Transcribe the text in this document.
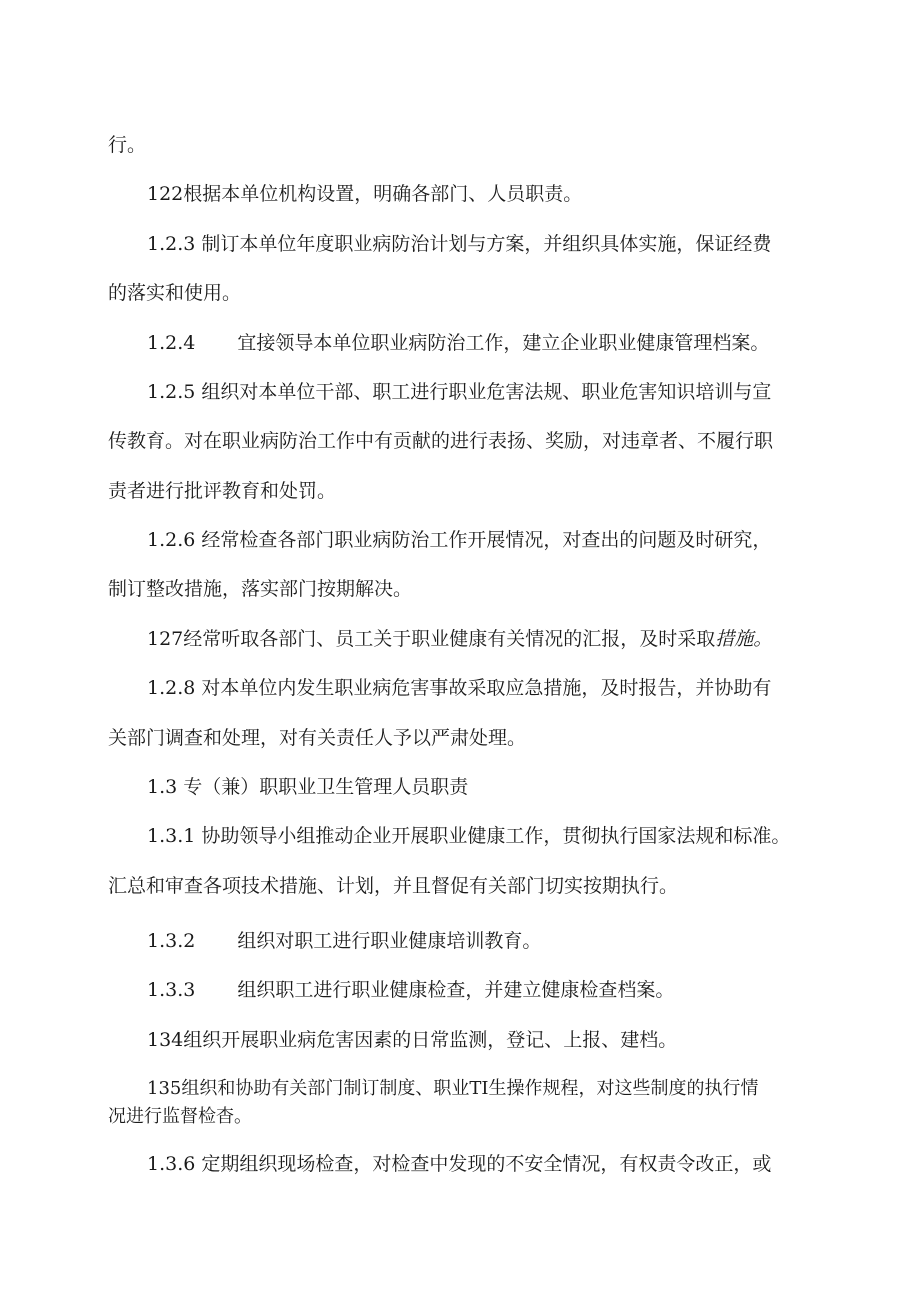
行。
122根据本单位机构设置，明确各部门、人员职责。
1.2.3 制订本单位年度职业病防治计划与方案，并组织具体实施，保证经费
的落实和使用。
1.2.4 宜接领导本单位职业病防治工作，建立企业职业健康管理档案。
1.2.5 组织对本单位干部、职工进行职业危害法规、职业危害知识培训与宣
传教育。对在职业病防治工作中有贡献的进行表扬、奖励，对违章者、不履行职
责者进行批评教育和处罚。
1.2.6 经常检查各部门职业病防治工作开展情况，对查出的问题及时研究，
制订整改措施，落实部门按期解决。
127经常听取各部门、员工关于职业健康有关情况的汇报，及时采取措施。
1.2.8 对本单位内发生职业病危害事故采取应急措施，及时报告，并协助有
关部门调查和处理，对有关责任人予以严肃处理。
1.3 专（兼）职职业卫生管理人员职责
1.3.1 协助领导小组推动企业开展职业健康工作，贯彻执行国家法规和标准。
汇总和审查各项技术措施、计划，并且督促有关部门切实按期执行。
1.3.2 组织对职工进行职业健康培训教育。
1.3.3 组织职工进行职业健康检查，并建立健康检查档案。
134组织开展职业病危害因素的日常监测，登记、上报、建档。
135组织和协助有关部门制订制度、职业TI生操作规程，对这些制度的执行情
况进行监督检杳。
1.3.6 定期组织现场检查，对检查中发现的不安全情况，有权责令改正，或
